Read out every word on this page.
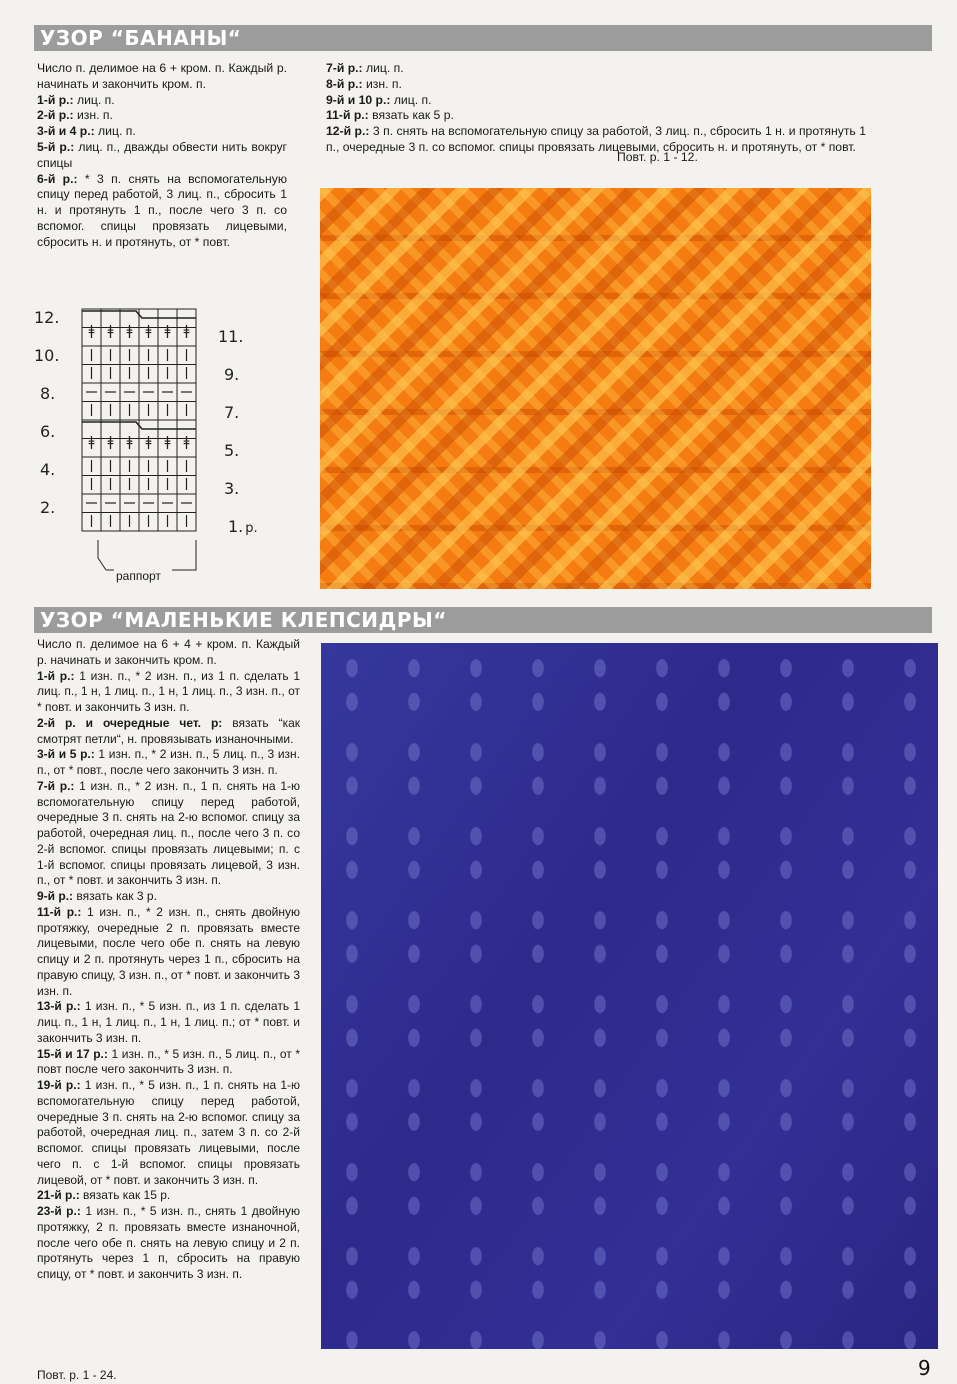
УЗОР “БАНАНЫ“

Число п. делимое на 6 + кром. п. Каждый р. начинать и закончить кром. п.

1-й р.: лиц. п.

2-й р.: изн. п.

3-й и 4 р.: лиц. п.

5-й р.: лиц. п., дважды обвести нить вокруг спицы

6-й р.: * 3 п. снять на вспомогательную спицу перед работой, 3 лиц. п., сбросить 1 н. и протянуть 1 п., после чего 3 п. со вспомог. спицы провязать лицевыми, сбросить н. и протянуть, от * повт.

7-й р.: лиц. п.

8-й р.: изн. п.

9-й и 10 р.: лиц. п.

11-й р.: вязать как 5 р.

12-й р.: 3 п. снять на вспомогательную спицу за работой, 3 лиц. п., сбросить 1 н. и протянуть 1 п., очередные 3 п. со вспомог. спицы провязать лицевыми, сбросить н. и протянуть, от * повт.

Повт. р. 1 - 12.

12.
10.
8.
6.
4.
2.
11.
9.
7.
5.
3.
1. р.
ǂ ǂ ǂ ǂ ǂ ǂ
ǂ ǂ ǂ ǂ ǂ ǂ
раппорт
УЗОР “МАЛЕНЬКИЕ КЛЕПСИДРЫ“

Число п. делимое на 6 + 4 + кром. п. Каждый р. начинать и закончить кром. п.

1-й р.: 1 изн. п., * 2 изн. п., из 1 п. сделать 1 лиц. п., 1 н, 1 лиц. п., 1 н, 1 лиц. п., 3 изн. п., от * повт. и закончить 3 изн. п.

2-й р. и очередные чет. р: вязать “как смотрят петли“, н. провязывать изнаночными.

3-й и 5 р.: 1 изн. п., * 2 изн. п., 5 лиц. п., 3 изн. п., от * повт., после чего закончить 3 изн. п.

7-й р.: 1 изн. п., * 2 изн. п., 1 п. снять на 1-ю вспомогательную спицу перед работой, очередные 3 п. снять на 2-ю вспомог. спицу за работой, очередная лиц. п., после чего 3 п. со 2-й вспомог. спицы провязать лицевыми; п. с 1-й вспомог. спицы провязать лицевой, 3 изн. п., от * повт. и закончить 3 изн. п.

9-й р.: вязать как 3 р.

11-й р.: 1 изн. п., * 2 изн. п., снять двойную протяжку, очередные 2 п. провязать вместе лицевыми, после чего обе п. снять на левую спицу и 2 п. протянуть через 1 п., сбросить на правую спицу, 3 изн. п., от * повт. и закончить 3 изн. п.

13-й р.: 1 изн. п., * 5 изн. п., из 1 п. сделать 1 лиц. п., 1 н, 1 лиц. п., 1 н, 1 лиц. п.; от * повт. и закончить 3 изн. п.

15-й и 17 р.: 1 изн. п., * 5 изн. п., 5 лиц. п., от * повт после чего закончить 3 изн. п.

19-й р.: 1 изн. п., * 5 изн. п., 1 п. снять на 1-ю вспомогательную спицу перед работой, очередные 3 п. снять на 2-ю вспомог. спицу за работой, очередная лиц. п., затем 3 п. со 2-й вспомог. спицы провязать лицевыми, после чего п. с 1-й вспомог. спицы провязать лицевой, от * повт. и закончить 3 изн. п.

21-й р.: вязать как 15 р.

23-й р.: 1 изн. п., * 5 изн. п., снять 1 двойную протяжку, 2 п. провязать вместе изнаночной, после чего обе п. снять на левую спицу и 2 п. протянуть через 1 п, сбросить на правую спицу, от * повт. и закончить 3 изн. п.

Повт. р. 1 - 24.	9
